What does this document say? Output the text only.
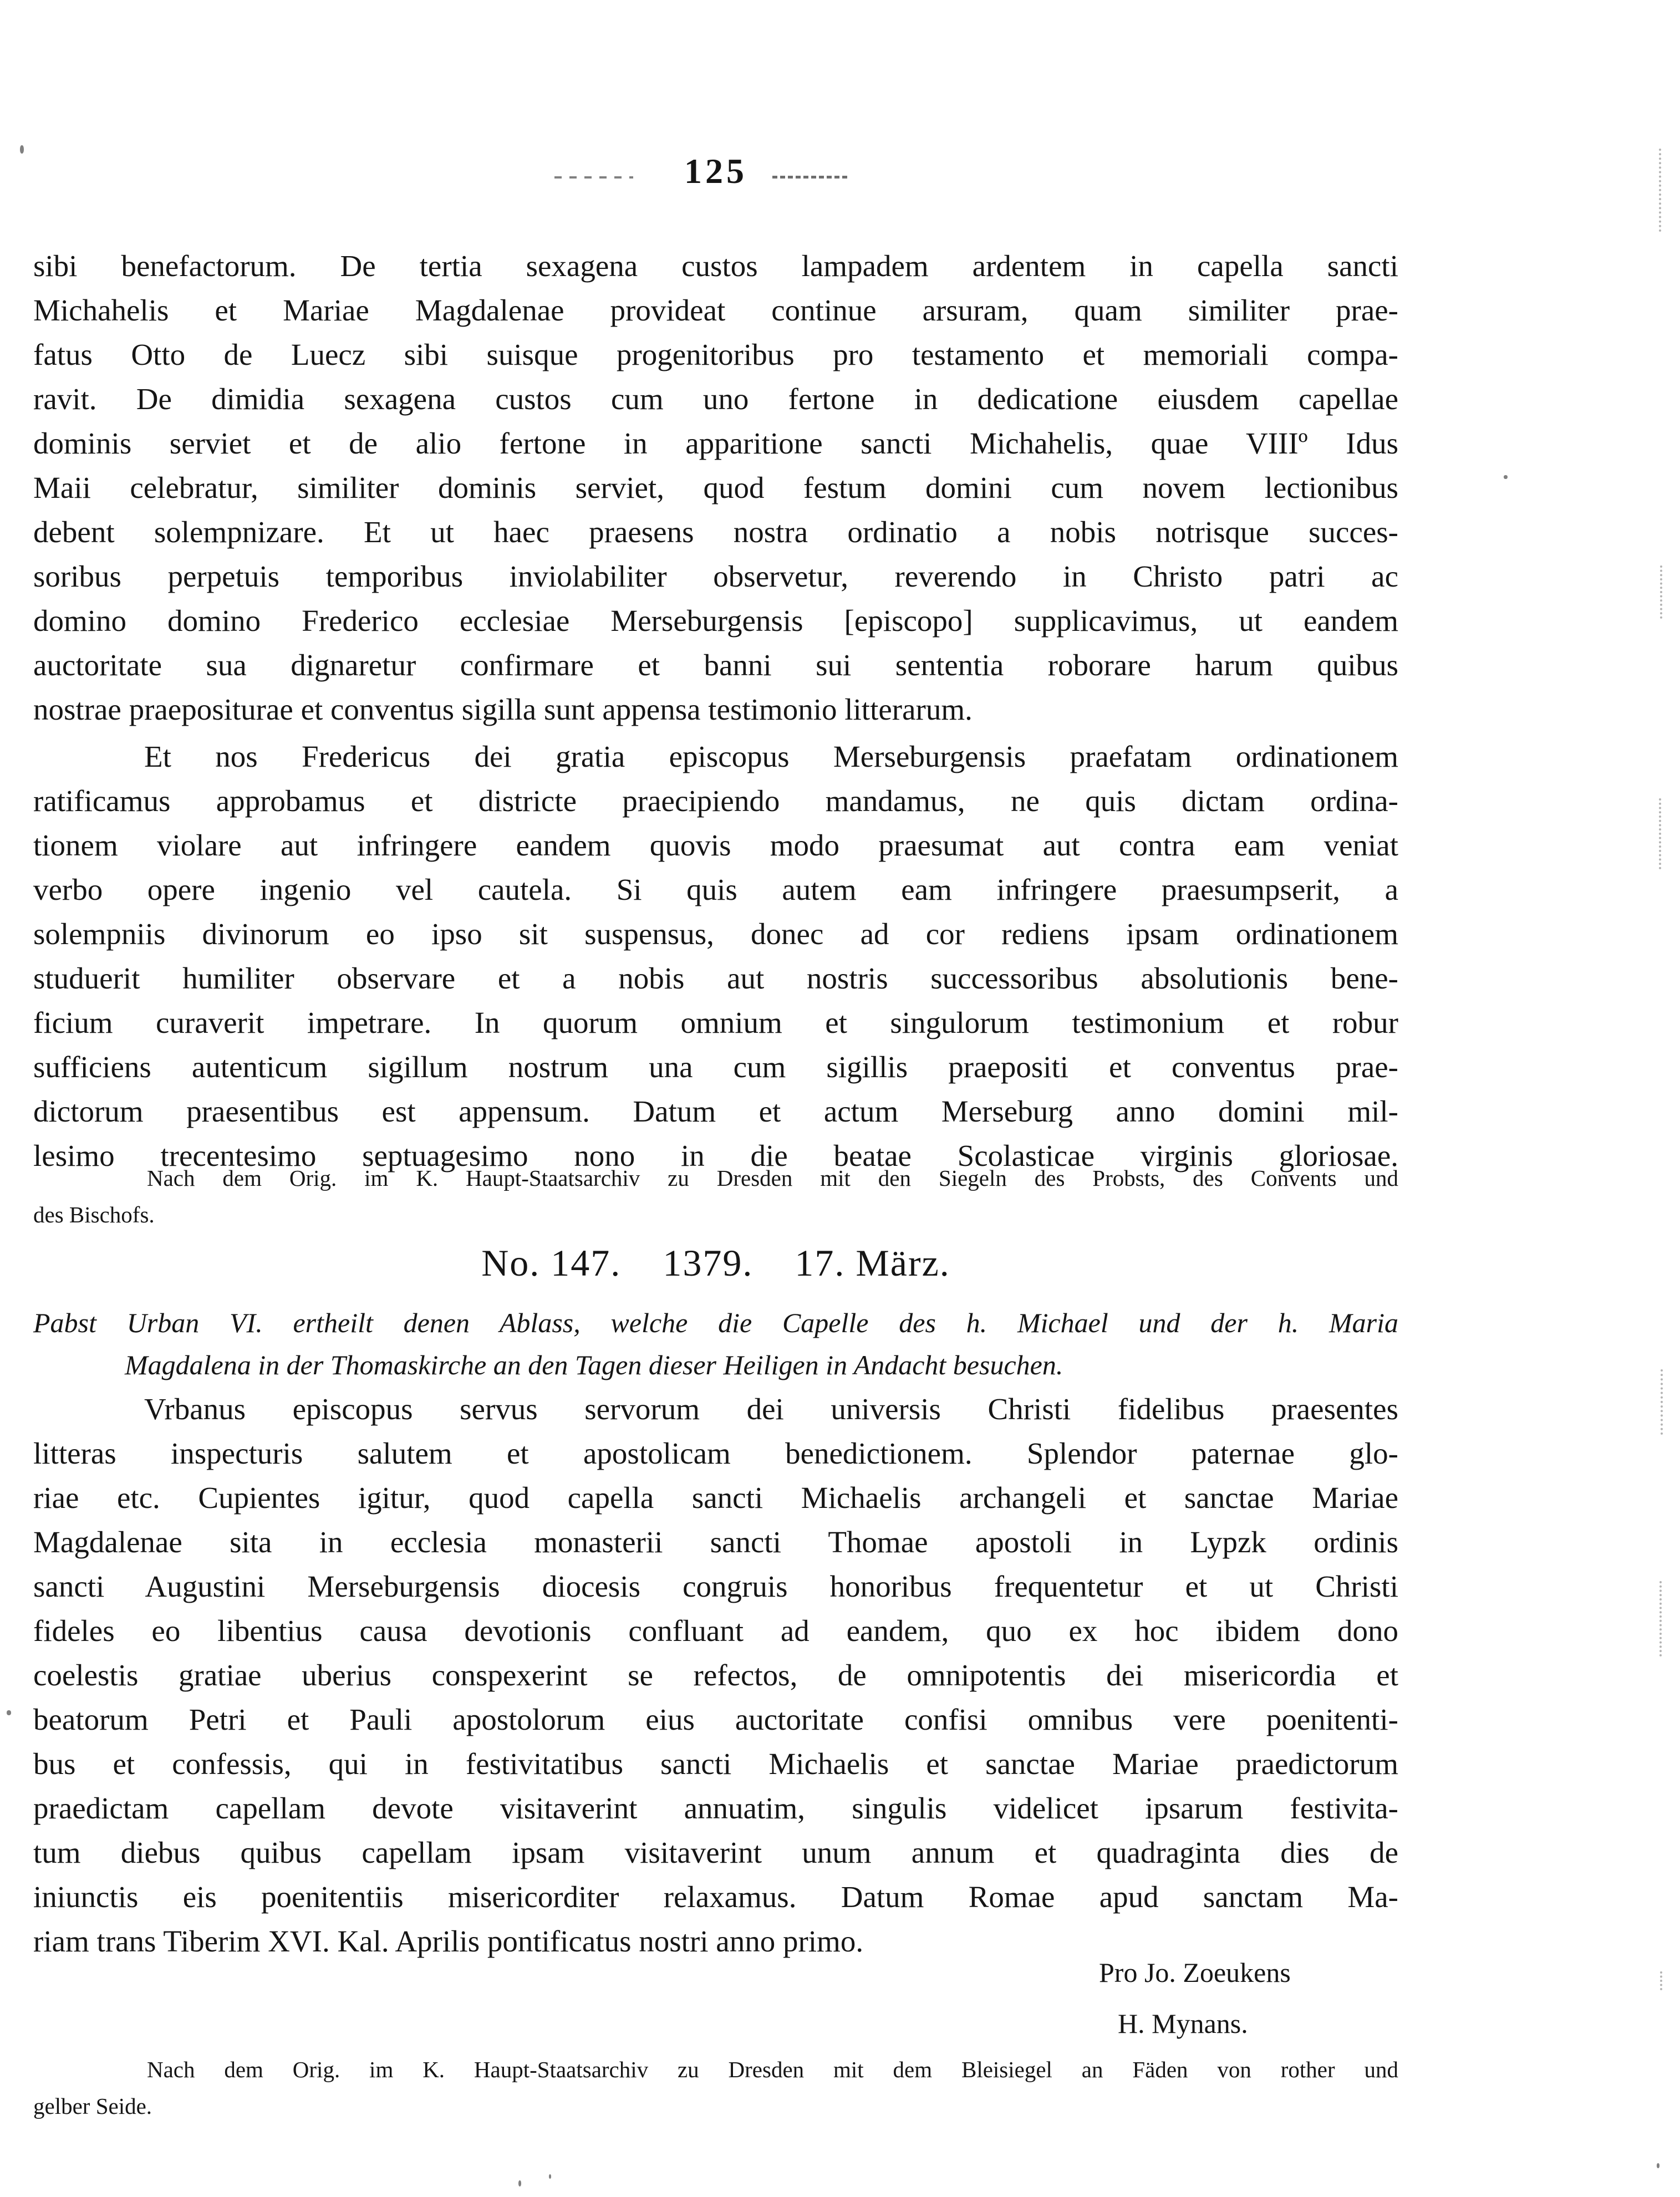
125
sibi benefactorum. De tertia sexagena custos lampadem ardentem in capella sancti
Michahelis et Mariae Magdalenae provideat continue arsuram, quam similiter prae-
fatus Otto de Luecz sibi suisque progenitoribus pro testamento et memoriali compa-
ravit. De dimidia sexagena custos cum uno fertone in dedicatione eiusdem capellae
dominis serviet et de alio fertone in apparitione sancti Michahelis, quae VIIIº Idus
Maii celebratur, similiter dominis serviet, quod festum domini cum novem lectionibus
debent solempnizare. Et ut haec praesens nostra ordinatio a nobis notrisque succes-
soribus perpetuis temporibus inviolabiliter observetur, reverendo in Christo patri ac
domino domino Frederico ecclesiae Merseburgensis [episcopo] supplicavimus, ut eandem
auctoritate sua dignaretur confirmare et banni sui sententia roborare harum quibus
nostrae praepositurae et conventus sigilla sunt appensa testimonio litterarum.
Et nos Fredericus dei gratia episcopus Merseburgensis praefatam ordinationem
ratificamus approbamus et districte praecipiendo mandamus, ne quis dictam ordina-
tionem violare aut infringere eandem quovis modo praesumat aut contra eam veniat
verbo opere ingenio vel cautela. Si quis autem eam infringere praesumpserit, a
solempniis divinorum eo ipso sit suspensus, donec ad cor rediens ipsam ordinationem
studuerit humiliter observare et a nobis aut nostris successoribus absolutionis bene-
ficium curaverit impetrare. In quorum omnium et singulorum testimonium et robur
sufficiens autenticum sigillum nostrum una cum sigillis praepositi et conventus prae-
dictorum praesentibus est appensum. Datum et actum Merseburg anno domini mil-
lesimo trecentesimo septuagesimo nono in die beatae Scolasticae virginis gloriosae.
Nach dem Orig. im K. Haupt-Staatsarchiv zu Dresden mit den Siegeln des Probsts, des Convents und
des Bischofs.
No. 147. 1379. 17. März.
Pabst Urban VI. ertheilt denen Ablass, welche die Capelle des h. Michael und der h. Maria
Magdalena in der Thomaskirche an den Tagen dieser Heiligen in Andacht besuchen.
Vrbanus episcopus servus servorum dei universis Christi fidelibus praesentes
litteras inspecturis salutem et apostolicam benedictionem. Splendor paternae glo-
riae etc. Cupientes igitur, quod capella sancti Michaelis archangeli et sanctae Mariae
Magdalenae sita in ecclesia monasterii sancti Thomae apostoli in Lypzk ordinis
sancti Augustini Merseburgensis diocesis congruis honoribus frequentetur et ut Christi
fideles eo libentius causa devotionis confluant ad eandem, quo ex hoc ibidem dono
coelestis gratiae uberius conspexerint se refectos, de omnipotentis dei misericordia et
beatorum Petri et Pauli apostolorum eius auctoritate confisi omnibus vere poenitenti-
bus et confessis, qui in festivitatibus sancti Michaelis et sanctae Mariae praedictorum
praedictam capellam devote visitaverint annuatim, singulis videlicet ipsarum festivita-
tum diebus quibus capellam ipsam visitaverint unum annum et quadraginta dies de
iniunctis eis poenitentiis misericorditer relaxamus. Datum Romae apud sanctam Ma-
riam trans Tiberim XVI. Kal. Aprilis pontificatus nostri anno primo.
Pro Jo. Zoeukens
H. Mynans.
Nach dem Orig. im K. Haupt-Staatsarchiv zu Dresden mit dem Bleisiegel an Fäden von rother und
gelber Seide.
